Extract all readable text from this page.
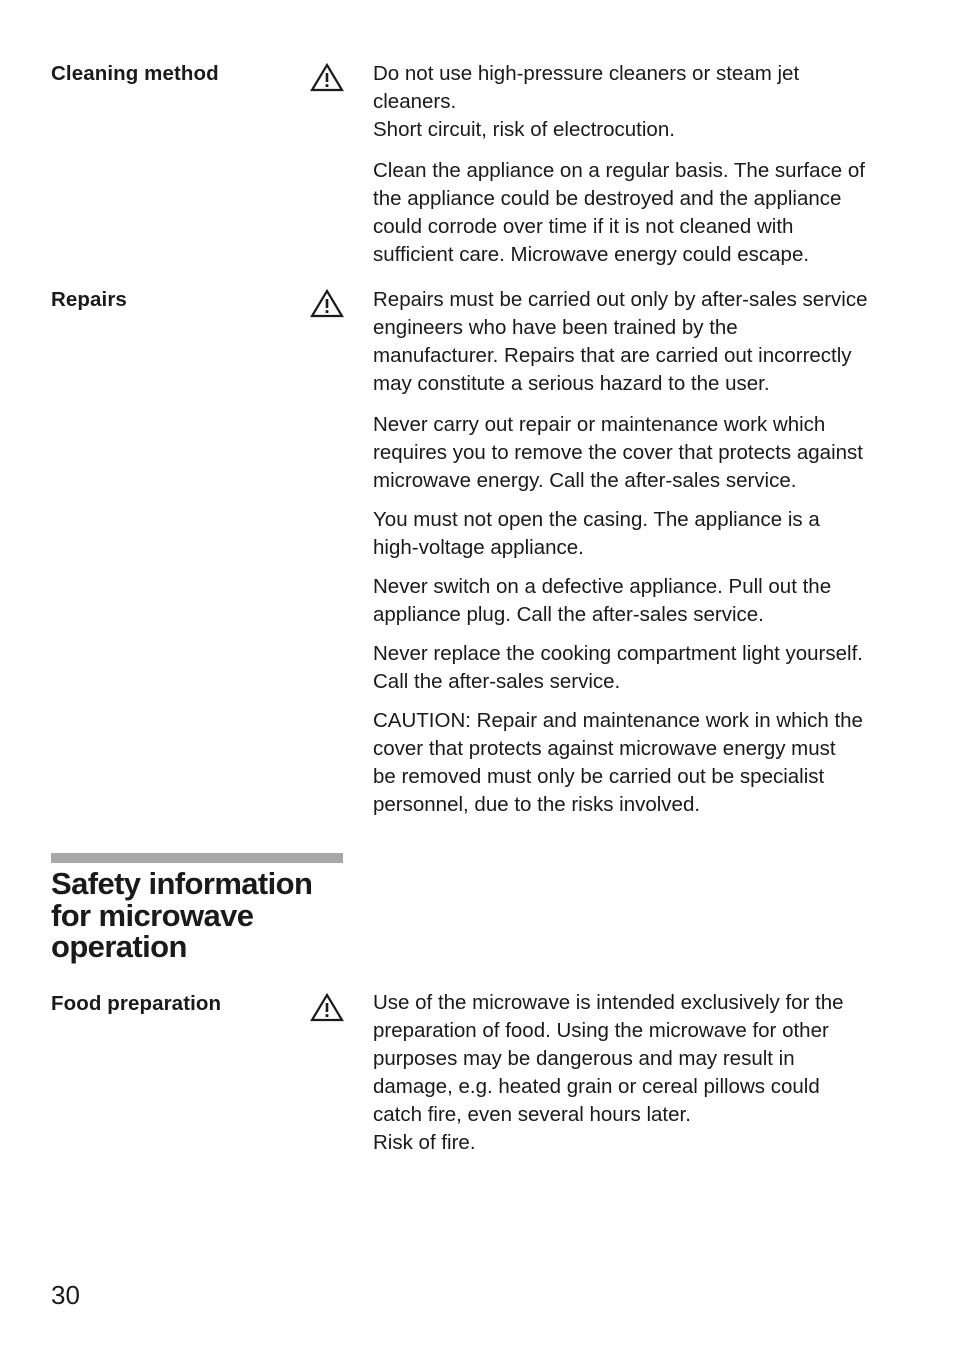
Cleaning method	Do not use high-pressure cleaners or steam jet
cleaners.
Short circuit, risk of electrocution.

Clean the appliance on a regular basis. The surface of
the appliance could be destroyed and the appliance
could corrode over time if it is not cleaned with
sufficient care. Microwave energy could escape.

Repairs	Repairs must be carried out only by after-sales service
engineers who have been trained by the
manufacturer. Repairs that are carried out incorrectly
may constitute a serious hazard to the user.

Never carry out repair or maintenance work which
requires you to remove the cover that protects against
microwave energy. Call the after-sales service.

You must not open the casing. The appliance is a
high-voltage appliance.

Never switch on a defective appliance. Pull out the
appliance plug. Call the after-sales service.

Never replace the cooking compartment light yourself.
Call the after-sales service.

CAUTION: Repair and maintenance work in which the
cover that protects against microwave energy must
be removed must only be carried out be specialist
personnel, due to the risks involved.

Safety information
for microwave
operation
Food preparation	Use of the microwave is intended exclusively for the
preparation of food. Using the microwave for other
purposes may be dangerous and may result in
damage, e.g. heated grain or cereal pillows could
catch fire, even several hours later.
Risk of fire.

30
